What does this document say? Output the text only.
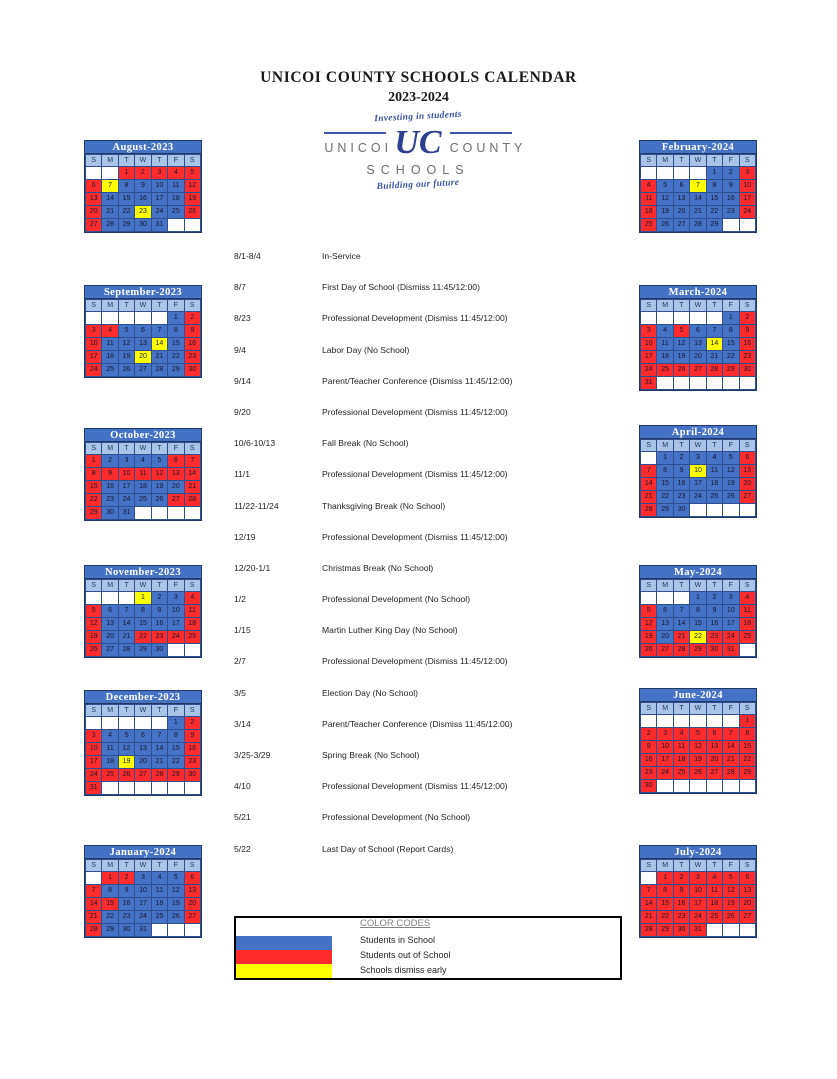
UNICOI COUNTY SCHOOLS CALENDAR
2023-2024
Investing in students
UNICOI UC COUNTY
SCHOOLS
Building our future
August-2023
S	M	T	W	T	F	S
		1	2	3	4	5
6	7	8	9	10	11	12
13	14	15	16	17	18	19
20	21	22	23	24	25	26
27	28	29	30	31		
September-2023
S	M	T	W	T	F	S
					1	2
3	4	5	6	7	8	9
10	11	12	13	14	15	16
17	18	19	20	21	22	23
24	25	26	27	28	29	30
October-2023
S	M	T	W	T	F	S
1	2	3	4	5	6	7
8	9	10	11	12	13	14
15	16	17	18	19	20	21
22	23	24	25	26	27	28
29	30	31				
November-2023
S	M	T	W	T	F	S
			1	2	3	4
5	6	7	8	9	10	11
12	13	14	15	16	17	18
19	20	21	22	23	24	25
26	27	28	29	30		
December-2023
S	M	T	W	T	F	S
					1	2
3	4	5	6	7	8	9
10	11	12	13	14	15	16
17	18	19	20	21	22	23
24	25	26	27	28	29	30
31						
January-2024
S	M	T	W	T	F	S
	1	2	3	4	5	6
7	8	9	10	11	12	13
14	15	16	17	18	19	20
21	22	23	24	25	26	27
28	29	30	31			
February-2024
S	M	T	W	T	F	S
				1	2	3
4	5	6	7	8	9	10
11	12	13	14	15	16	17
18	19	20	21	22	23	24
25	26	27	28	29		
March-2024
S	M	T	W	T	F	S
					1	2
3	4	5	6	7	8	9
10	11	12	13	14	15	16
17	18	19	20	21	22	23
24	25	26	27	28	29	30
31						
April-2024
S	M	T	W	T	F	S
	1	2	3	4	5	6
7	8	9	10	11	12	13
14	15	16	17	18	19	20
21	22	23	24	25	26	27
28	29	30				
May-2024
S	M	T	W	T	F	S
			1	2	3	4
5	6	7	8	9	10	11
12	13	14	15	16	17	18
19	20	21	22	23	24	25
26	27	28	29	30	31	
June-2024
S	M	T	W	T	F	S
						1
2	3	4	5	6	7	8
9	10	11	12	13	14	15
16	17	18	19	20	21	22
23	24	25	26	27	28	29
30						
July-2024
S	M	T	W	T	F	S
	1	2	3	4	5	6
7	8	9	10	11	12	13
14	15	16	17	18	19	20
21	22	23	24	25	26	27
28	29	30	31			
8/1-8/4	In-Service
8/7	First Day of School (Dismiss 11:45/12:00)
8/23	Professional Development (Dismiss 11:45/12:00)
9/4	Labor Day (No School)
9/14	Parent/Teacher Conference (Dismiss 11:45/12:00)
9/20	Professional Development (Dismiss 11:45/12:00)
10/6-10/13	Fall Break (No School)
11/1	Professional Development (Dismiss 11:45/12:00)
11/22-11/24	Thanksgiving Break (No School)
12/19	Professional Development (Dismiss 11:45/12:00)
12/20-1/1	Christmas Break (No School)
1/2	Professional Development (No School)
1/15	Martin Luther King Day (No School)
2/7	Professional Development (Dismiss 11:45/12:00)
3/5	Election Day (No School)
3/14	Parent/Teacher Conference (Dismiss 11:45/12:00)
3/25-3/29	Spring Break (No School)
4/10	Professional Development (Dismiss 11:45/12:00)
5/21	Professional Development (No School)
5/22	Last Day of School (Report Cards)
COLOR CODES
Students in School
Students out of School
Schools dismiss early
